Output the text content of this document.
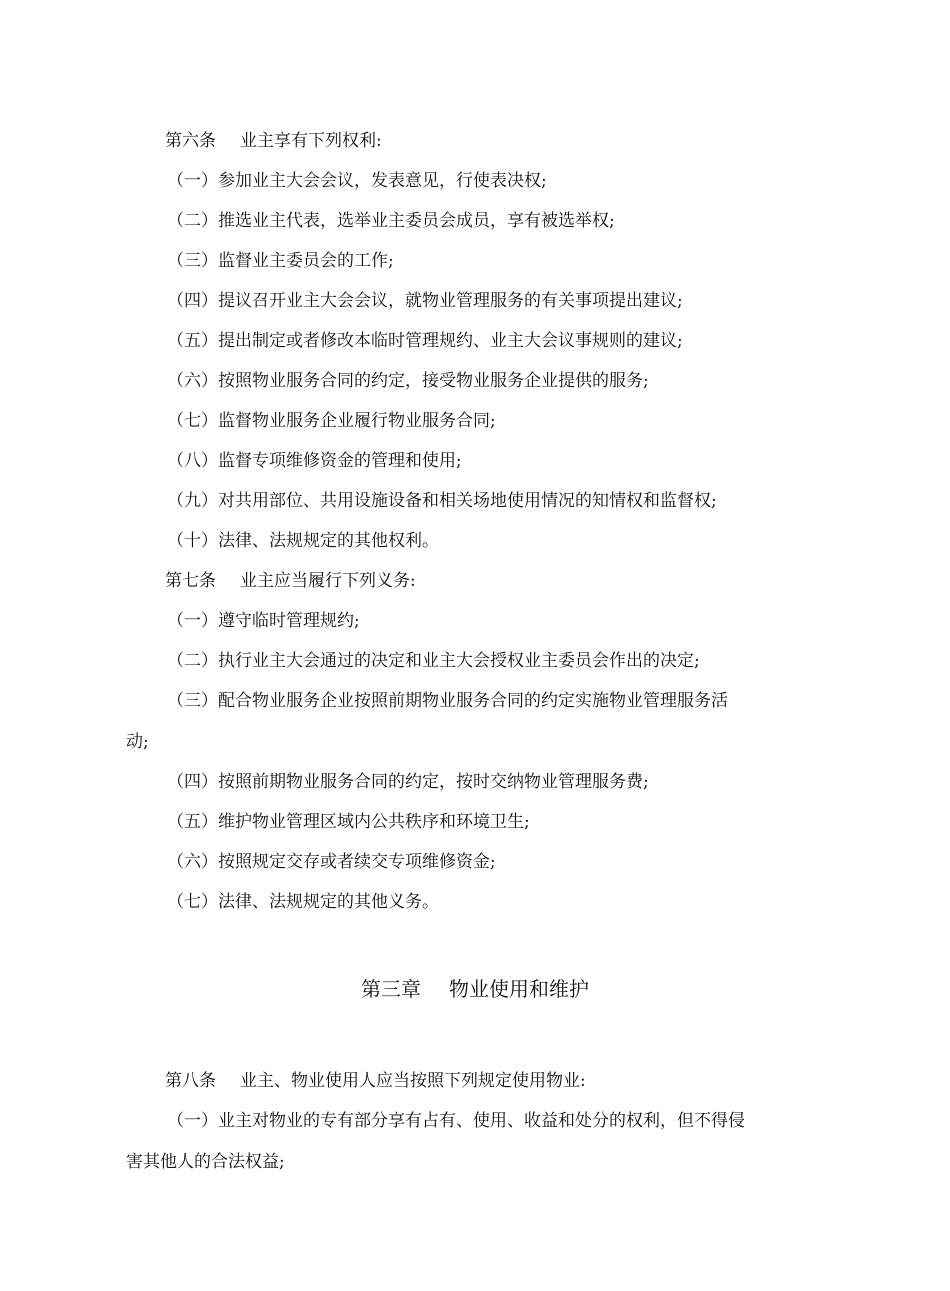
第六条 业主享有下列权利:
（一）参加业主大会会议，发表意见，行使表决权;
（二）推选业主代表，选举业主委员会成员，享有被选举权;
（三）监督业主委员会的工作;
（四）提议召开业主大会会议，就物业管理服务的有关事项提出建议;
（五）提出制定或者修改本临时管理规约、业主大会议事规则的建议;
（六）按照物业服务合同的约定，接受物业服务企业提供的服务;
（七）监督物业服务企业履行物业服务合同;
（八）监督专项维修资金的管理和使用;
（九）对共用部位、共用设施设备和相关场地使用情况的知情权和监督权;
（十）法律、法规规定的其他权利。
第七条 业主应当履行下列义务:
（一）遵守临时管理规约;
（二）执行业主大会通过的决定和业主大会授权业主委员会作出的决定;
（三）配合物业服务企业按照前期物业服务合同的约定实施物业管理服务活
动;
（四）按照前期物业服务合同的约定，按时交纳物业管理服务费;
（五）维护物业管理区域内公共秩序和环境卫生;
（六）按照规定交存或者续交专项维修资金;
（七）法律、法规规定的其他义务。
第三章 物业使用和维护
第八条 业主、物业使用人应当按照下列规定使用物业:
（一）业主对物业的专有部分享有占有、使用、收益和处分的权利，但不得侵
害其他人的合法权益;
